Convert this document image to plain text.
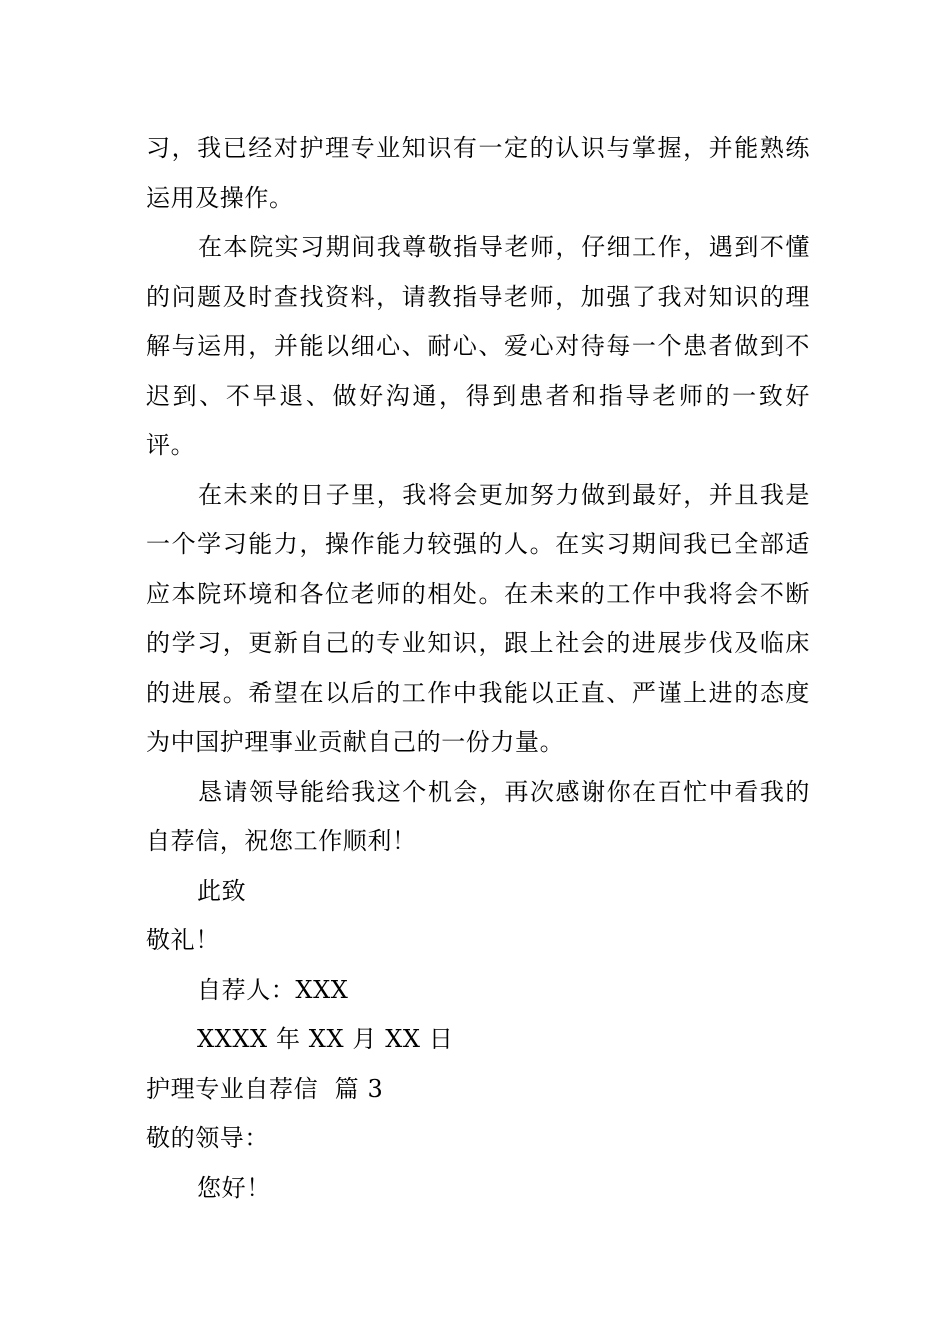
习，我已经对护理专业知识有一定的认识与掌握，并能熟练运用及操作。

在本院实习期间我尊敬指导老师，仔细工作，遇到不懂的问题及时查找资料，请教指导老师，加强了我对知识的理解与运用，并能以细心、耐心、爱心对待每一个患者做到不迟到、不早退、做好沟通，得到患者和指导老师的一致好评。

在未来的日子里，我将会更加努力做到最好，并且我是一个学习能力，操作能力较强的人。在实习期间我已全部适应本院环境和各位老师的相处。在未来的工作中我将会不断的学习，更新自己的专业知识，跟上社会的进展步伐及临床的进展。希望在以后的工作中我能以正直、严谨上进的态度为中国护理事业贡献自己的一份力量。

恳请领导能给我这个机会，再次感谢你在百忙中看我的自荐信，祝您工作顺利！

此致

敬礼！

自荐人：XXX

XXXX 年 XX 月 XX 日

护理专业自荐信  篇 3

敬的领导：

您好！
